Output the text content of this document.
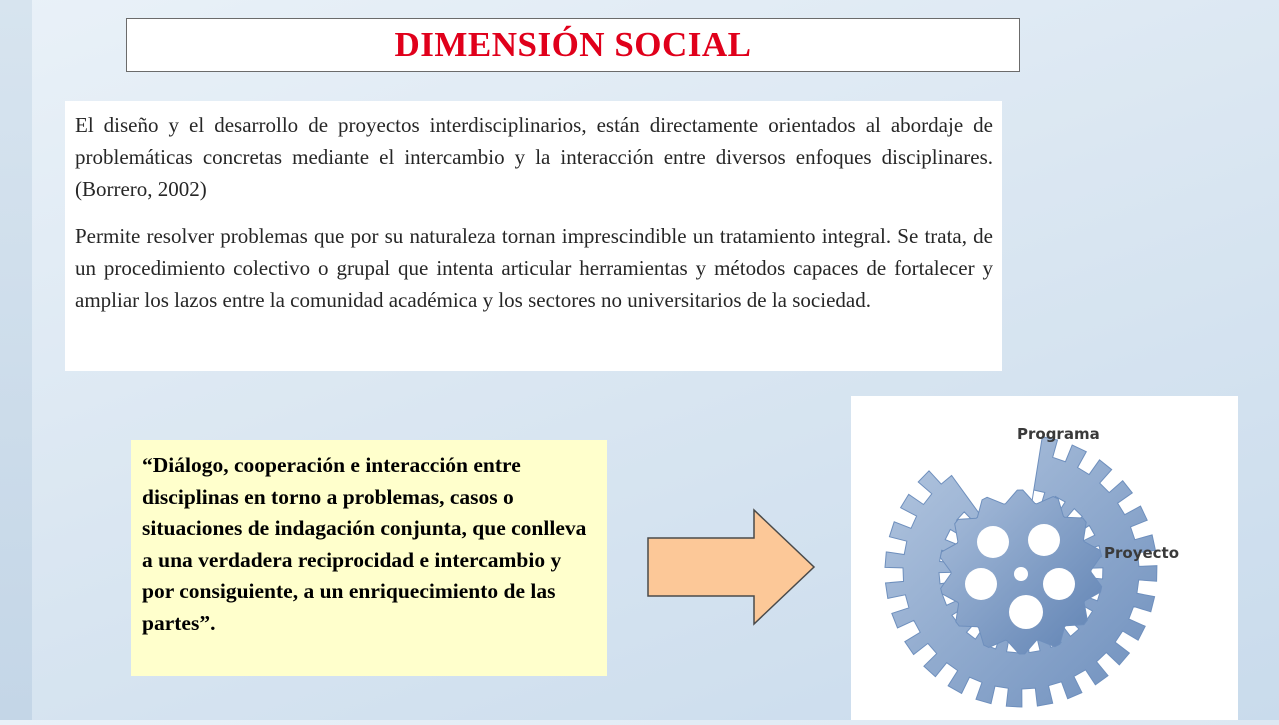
DIMENSIÓN SOCIAL

El diseño y el desarrollo de proyectos interdisciplinarios, están directamente orientados al abordaje de problemáticas concretas mediante el intercambio y la interacción entre diversos enfoques disciplinares. (Borrero, 2002)

Permite resolver problemas que por su naturaleza tornan imprescindible un tratamiento integral. Se trata, de un procedimiento colectivo o grupal que intenta articular herramientas y métodos capaces de fortalecer y ampliar los lazos entre la comunidad académica y los sectores no universitarios de la sociedad.

“Diálogo, cooperación e interacción entre disciplinas en torno a problemas, casos o situaciones de indagación conjunta, que conlleva a una verdadera reciprocidad e intercambio y por consiguiente, a un enriquecimiento de las partes”.

Programa
Proyecto
